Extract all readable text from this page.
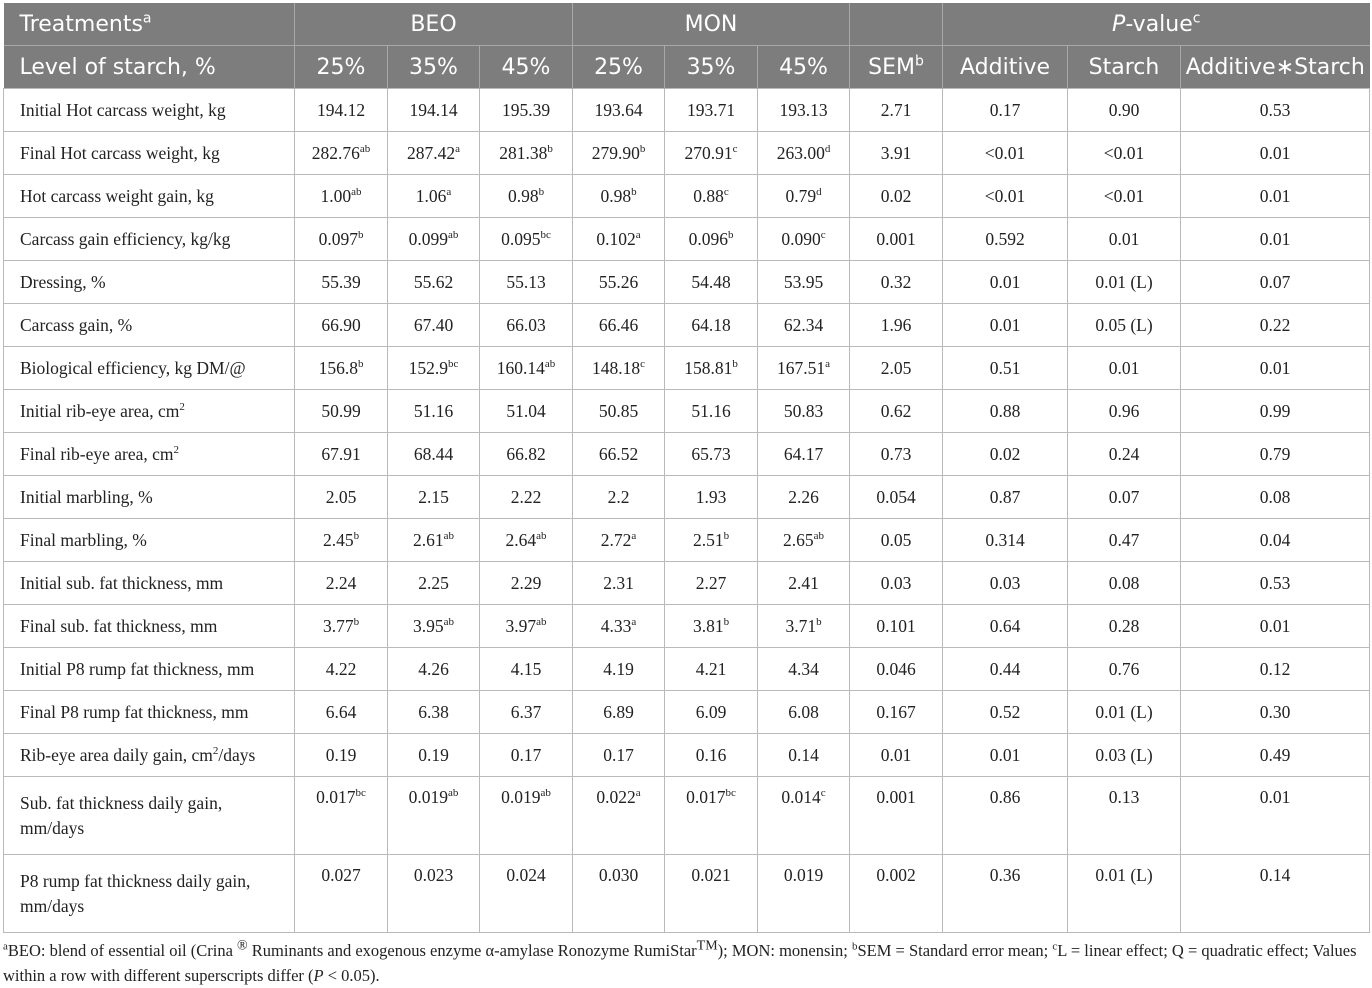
Treatments$^a$	BEO			MON				P-value$^c$
Level of starch, %	25%	35%	45%	25%	35%	45%	SEM$^b$	Additive	Starch	Additive∗Starch
Initial Hot carcass weight, kg	194.12	194.14	195.39	193.64	193.71	193.13	2.71	0.17	0.90	0.53
Final Hot carcass weight, kg	282.76$^{ab}$	287.42$^a$	281.38$^b$	279.90$^b$	270.91$^c$	263.00$^d$	3.91	<0.01	<0.01	0.01
Hot carcass weight gain, kg	1.00$^{ab}$	1.06$^a$	0.98$^b$	0.98$^b$	0.88$^c$	0.79$^d$	0.02	<0.01	<0.01	0.01
Carcass gain efficiency, kg/kg	0.097$^b$	0.099$^{ab}$	0.095$^{bc}$	0.102$^a$	0.096$^b$	0.090$^c$	0.001	0.592	0.01	0.01
Dressing, %	55.39	55.62	55.13	55.26	54.48	53.95	0.32	0.01	0.01 (L)	0.07
Carcass gain, %	66.90	67.40	66.03	66.46	64.18	62.34	1.96	0.01	0.05 (L)	0.22
Biological efficiency, kg DM/@	156.8$^b$	152.9$^{bc}$	160.14$^{ab}$	148.18$^c$	158.81$^b$	167.51$^a$	2.05	0.51	0.01	0.01
Initial rib-eye area, $cm^2$	50.99	51.16	51.04	50.85	51.16	50.83	0.62	0.88	0.96	0.99
Final rib-eye area, $cm^2$	67.91	68.44	66.82	66.52	65.73	64.17	0.73	0.02	0.24	0.79
Initial marbling, %	2.05	2.15	2.22	2.2	1.93	2.26	0.054	0.87	0.07	0.08
Final marbling, %	2.45$^b$	2.61$^{ab}$	2.64$^{ab}$	2.72$^a$	2.51$^b$	2.65$^{ab}$	0.05	0.314	0.47	0.04
Initial sub. fat thickness, mm	2.24	2.25	2.29	2.31	2.27	2.41	0.03	0.03	0.08	0.53
Final sub. fat thickness, mm	3.77$^b$	3.95$^{ab}$	3.97$^{ab}$	4.33$^a$	3.81$^b$	3.71$^b$	0.101	0.64	0.28	0.01
Initial P8 rump fat thickness, mm	4.22	4.26	4.15	4.19	4.21	4.34	0.046	0.44	0.76	0.12
Final P8 rump fat thickness, mm	6.64	6.38	6.37	6.89	6.09	6.08	0.167	0.52	0.01 (L)	0.30
Rib-eye area daily gain, $cm^2$/days	0.19	0.19	0.17	0.17	0.16	0.14	0.01	0.01	0.03 (L)	0.49
Sub. fat thickness daily gain, mm/days	0.017$^{bc}$	0.019$^{ab}$	0.019$^{ab}$	0.022$^a$	0.017$^{bc}$	0.014$^c$	0.001	0.86	0.13	0.01
P8 rump fat thickness daily gain, mm/days	0.027	0.023	0.024	0.030	0.021	0.019	0.002	0.36	0.01 (L)	0.14
$^a$BEO: blend of essential oil (Crina ® Ruminants and exogenous enzyme α-amylase Ronozyme RumiStar™); MON: monensin; $^b$SEM = Standard error mean; $^c$L = linear effect; Q = quadratic effect; Values within a row with different superscripts differ (P < 0.05).
